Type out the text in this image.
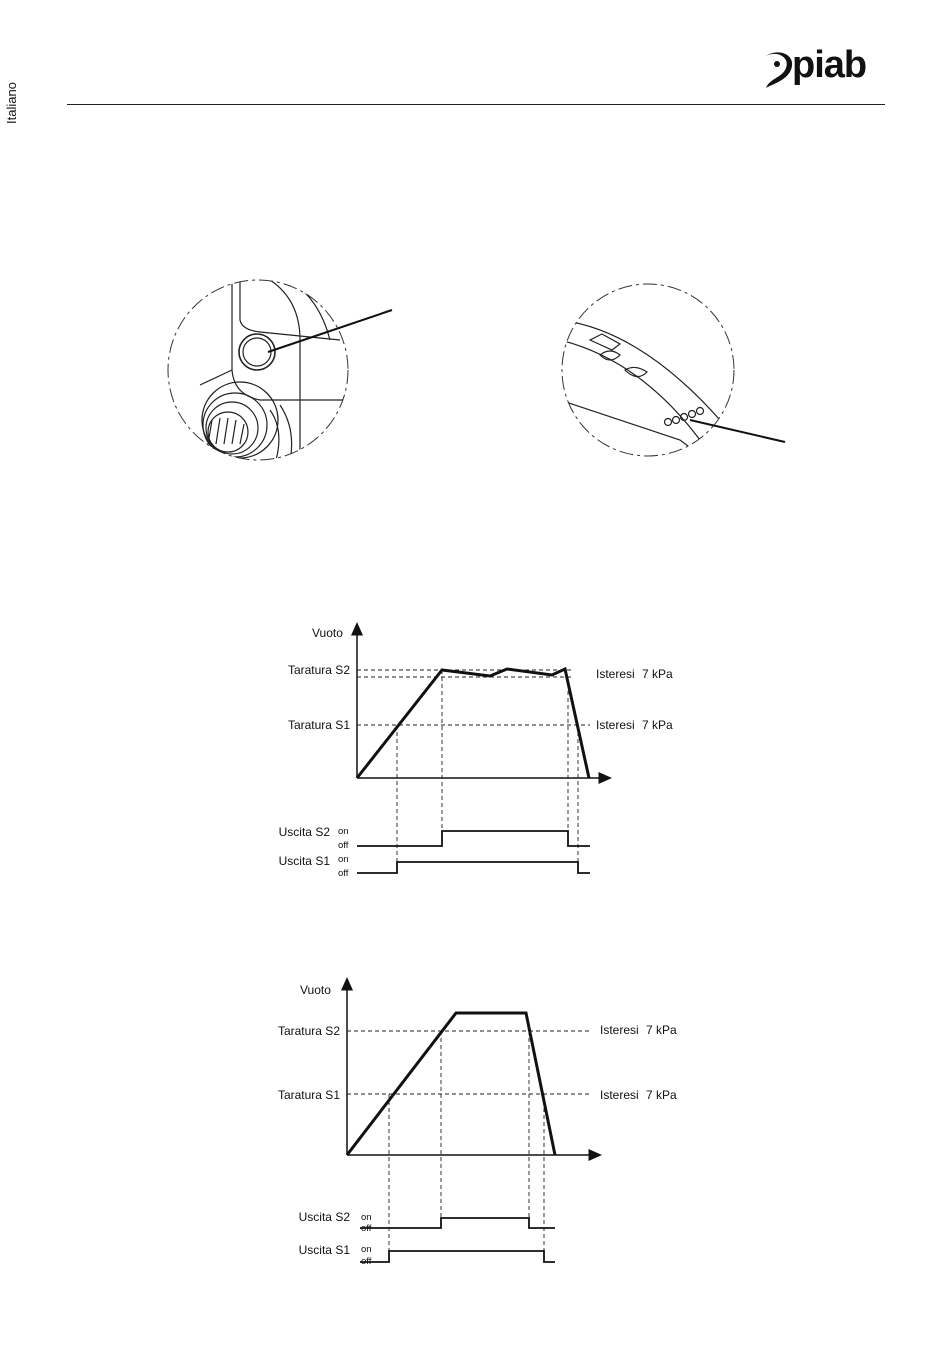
Italiano
piab
Vuoto
Taratura S2
Taratura S1
Isteresi 7 kPa
Isteresi 7 kPa
Uscita S2 on
off
Uscita S1 on
off
Vuoto
Taratura S2
Taratura S1
Isteresi 7 kPa
Isteresi 7 kPa
Uscita S2 on
off
Uscita S1 on
off
